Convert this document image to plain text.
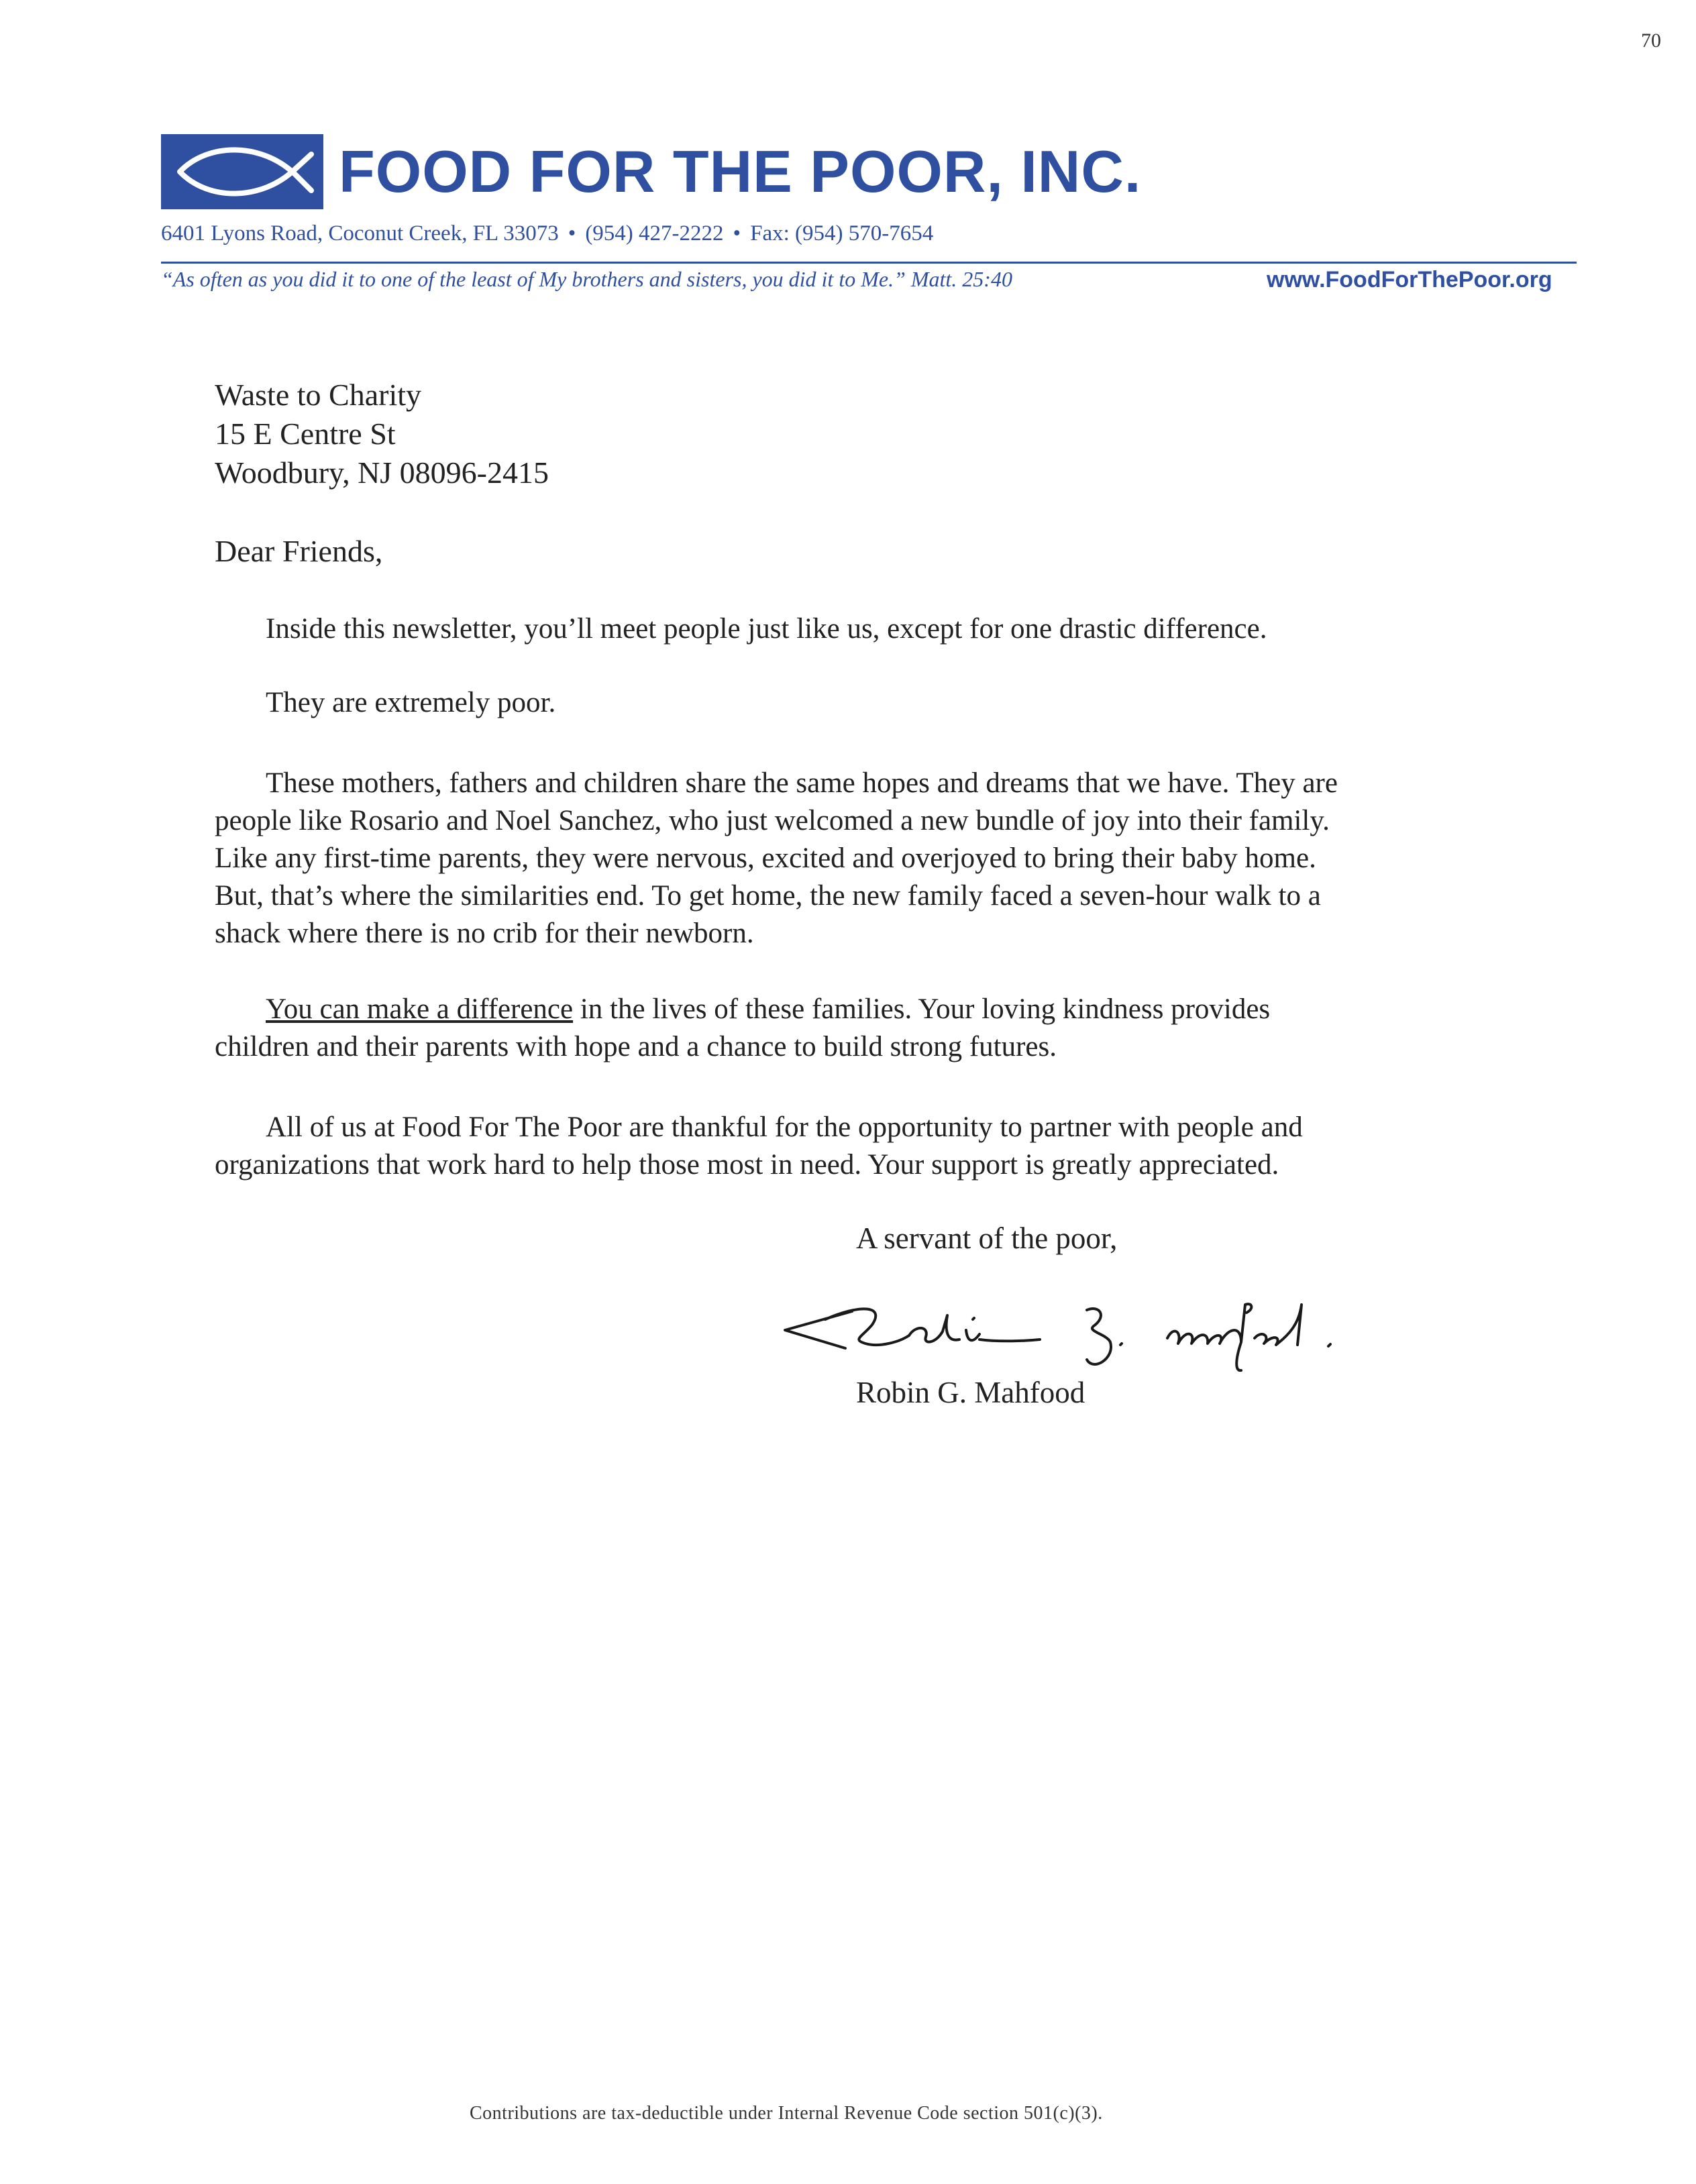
70
FOOD FOR THE POOR, INC.
6401 Lyons Road, Coconut Creek, FL 33073 • (954) 427-2222 • Fax: (954) 570-7654
“As often as you did it to one of the least of My brothers and sisters, you did it to Me.” Matt. 25:40	www.FoodForThePoor.org
Waste to Charity
15 E Centre St
Woodbury, NJ 08096-2415
Dear Friends,

Inside this newsletter, you’ll meet people just like us, except for one drastic difference.

They are extremely poor.

These mothers, fathers and children share the same hopes and dreams that we have. They are
people like Rosario and Noel Sanchez, who just welcomed a new bundle of joy into their family.
Like any first-time parents, they were nervous, excited and overjoyed to bring their baby home.
But, that’s where the similarities end. To get home, the new family faced a seven-hour walk to a
shack where there is no crib for their newborn.

You can make a difference in the lives of these families. Your loving kindness provides
children and their parents with hope and a chance to build strong futures.

All of us at Food For The Poor are thankful for the opportunity to partner with people and
organizations that work hard to help those most in need. Your support is greatly appreciated.

A servant of the poor,
Robin G. Mahfood
Contributions are tax-deductible under Internal Revenue Code section 501(c)(3).
